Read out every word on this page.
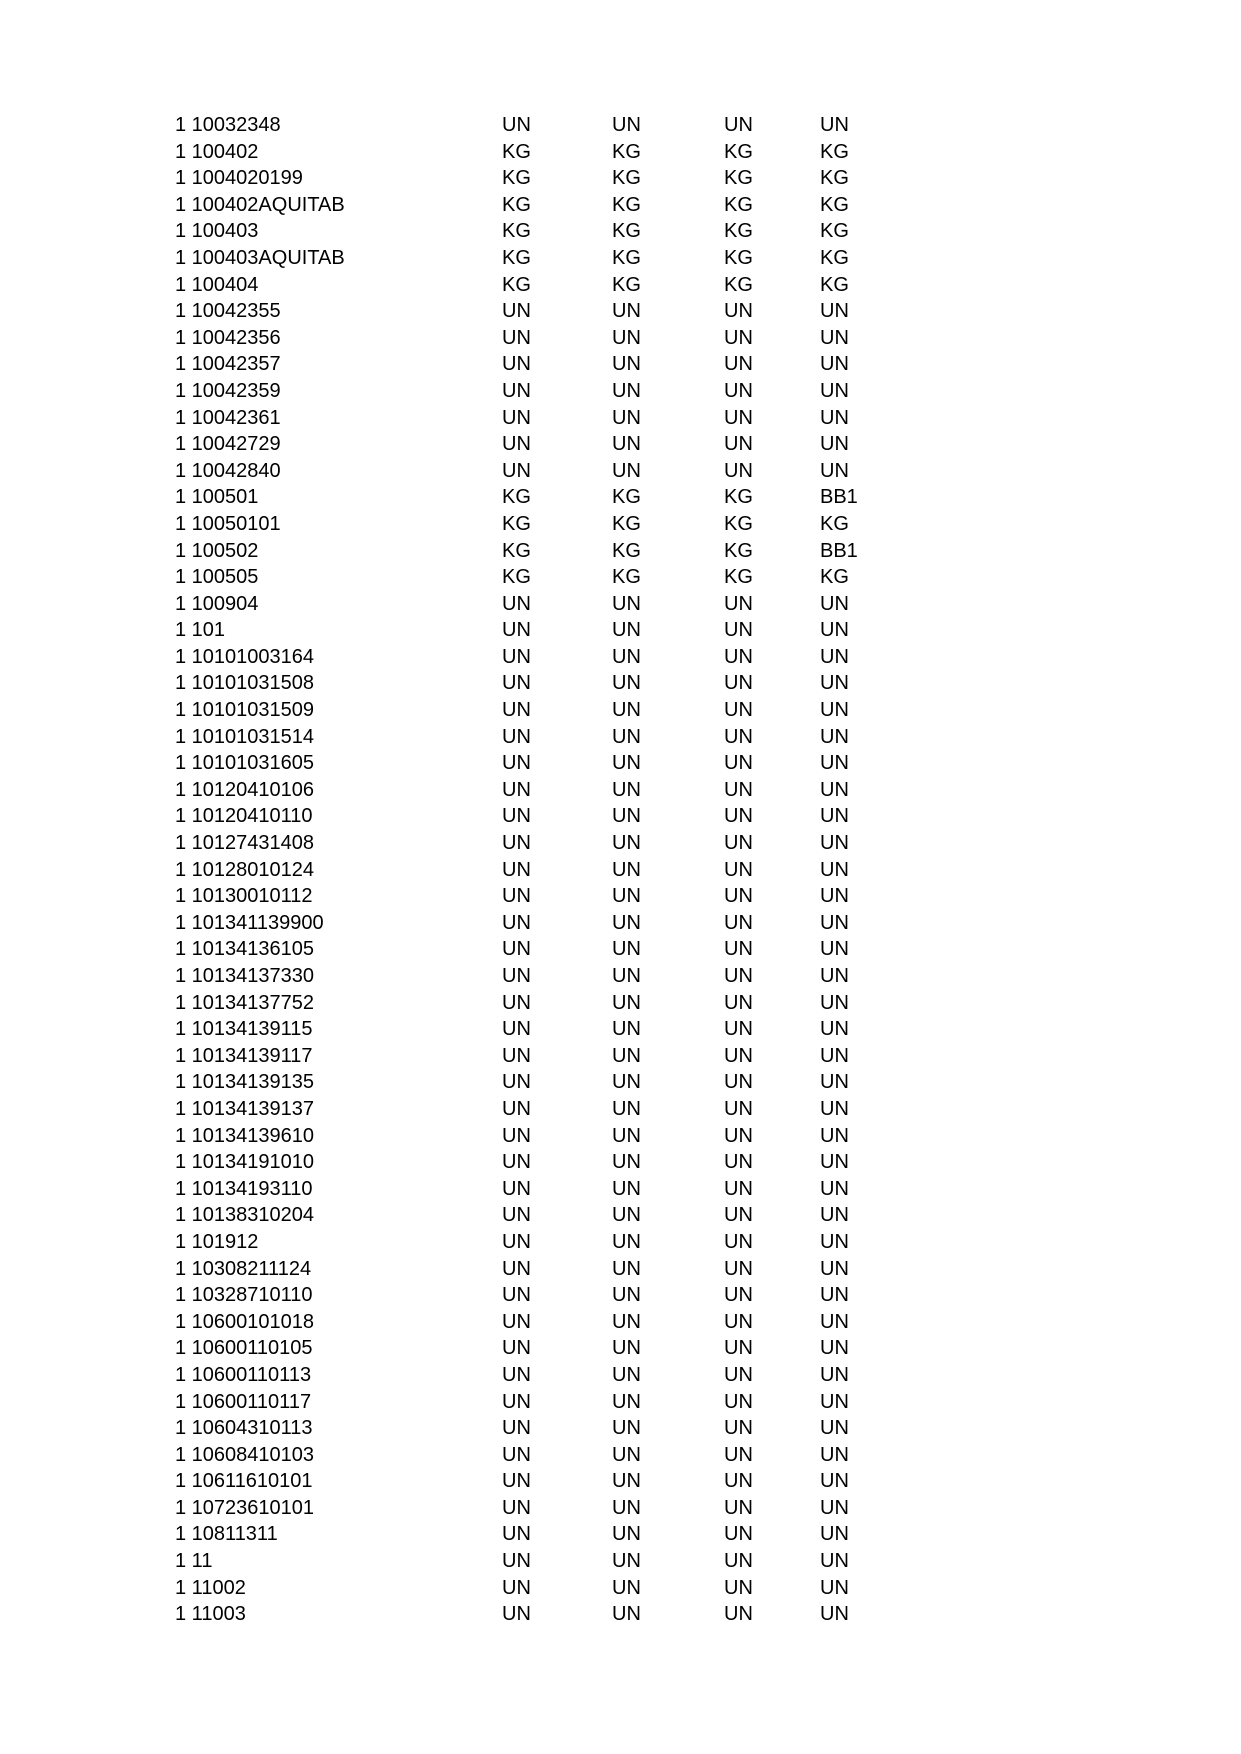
1 10032348	UN	UN	UN	UN
1 100402	KG	KG	KG	KG
1 1004020199	KG	KG	KG	KG
1 100402AQUITAB	KG	KG	KG	KG
1 100403	KG	KG	KG	KG
1 100403AQUITAB	KG	KG	KG	KG
1 100404	KG	KG	KG	KG
1 10042355	UN	UN	UN	UN
1 10042356	UN	UN	UN	UN
1 10042357	UN	UN	UN	UN
1 10042359	UN	UN	UN	UN
1 10042361	UN	UN	UN	UN
1 10042729	UN	UN	UN	UN
1 10042840	UN	UN	UN	UN
1 100501	KG	KG	KG	BB1
1 10050101	KG	KG	KG	KG
1 100502	KG	KG	KG	BB1
1 100505	KG	KG	KG	KG
1 100904	UN	UN	UN	UN
1 101	UN	UN	UN	UN
1 10101003164	UN	UN	UN	UN
1 10101031508	UN	UN	UN	UN
1 10101031509	UN	UN	UN	UN
1 10101031514	UN	UN	UN	UN
1 10101031605	UN	UN	UN	UN
1 10120410106	UN	UN	UN	UN
1 10120410110	UN	UN	UN	UN
1 10127431408	UN	UN	UN	UN
1 10128010124	UN	UN	UN	UN
1 10130010112	UN	UN	UN	UN
1 101341139900	UN	UN	UN	UN
1 10134136105	UN	UN	UN	UN
1 10134137330	UN	UN	UN	UN
1 10134137752	UN	UN	UN	UN
1 10134139115	UN	UN	UN	UN
1 10134139117	UN	UN	UN	UN
1 10134139135	UN	UN	UN	UN
1 10134139137	UN	UN	UN	UN
1 10134139610	UN	UN	UN	UN
1 10134191010	UN	UN	UN	UN
1 10134193110	UN	UN	UN	UN
1 10138310204	UN	UN	UN	UN
1 101912	UN	UN	UN	UN
1 10308211124	UN	UN	UN	UN
1 10328710110	UN	UN	UN	UN
1 10600101018	UN	UN	UN	UN
1 10600110105	UN	UN	UN	UN
1 10600110113	UN	UN	UN	UN
1 10600110117	UN	UN	UN	UN
1 10604310113	UN	UN	UN	UN
1 10608410103	UN	UN	UN	UN
1 10611610101	UN	UN	UN	UN
1 10723610101	UN	UN	UN	UN
1 10811311	UN	UN	UN	UN
1 11	UN	UN	UN	UN
1 11002	UN	UN	UN	UN
1 11003	UN	UN	UN	UN
